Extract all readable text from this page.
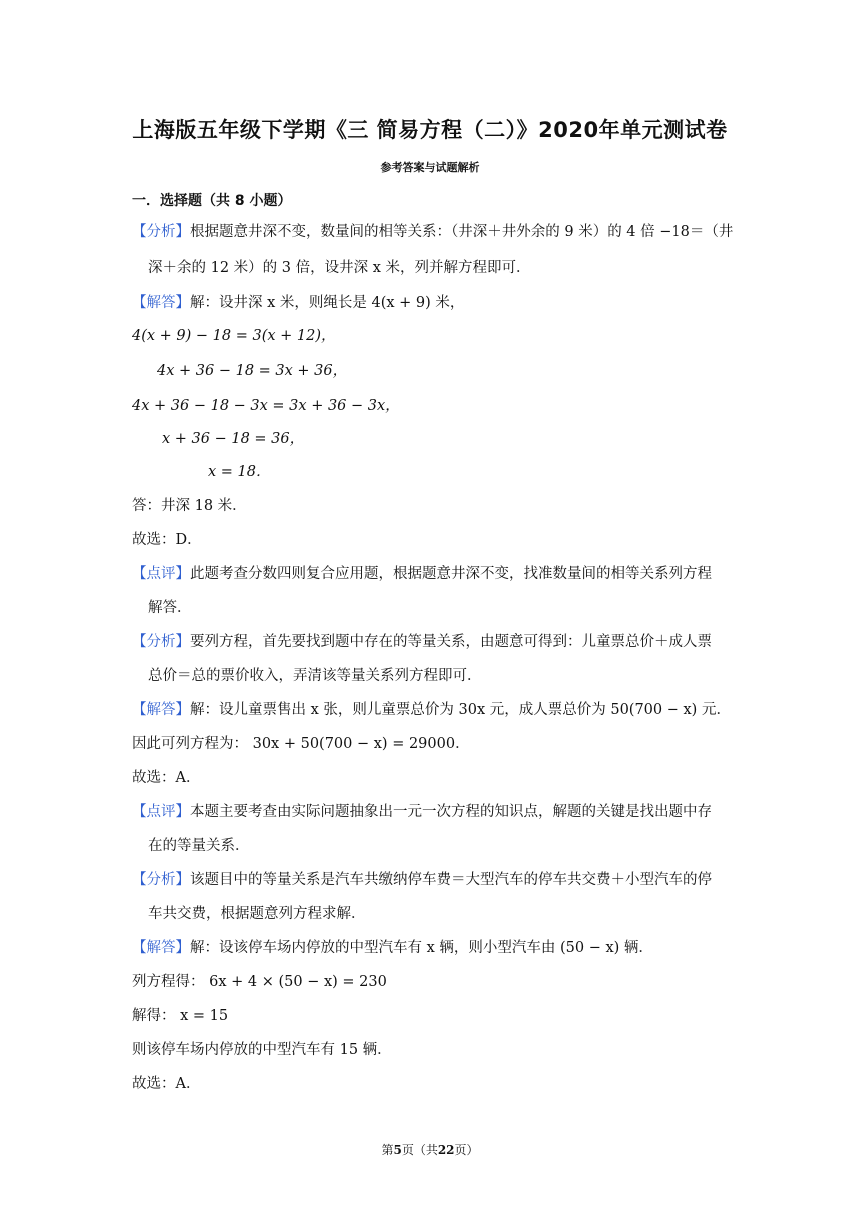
上海版五年级下学期《三 简易方程（二）》2020年单元测试卷
参考答案与试题解析
一．选择题（共 8 小题）
【分析】根据题意井深不变，数量间的相等关系：（井深＋井外余的 9 米）的 4 倍 −18＝（井
深＋余的 12 米）的 3 倍，设井深 x 米，列并解方程即可．
【解答】解：设井深 x 米，则绳长是 4(x + 9) 米，
4(x + 9) − 18 = 3(x + 12)，
4x + 36 − 18 = 3x + 36，
4x + 36 − 18 − 3x = 3x + 36 − 3x，
x + 36 − 18 = 36，
x = 18．
答：井深 18 米．
故选：D．
【点评】此题考查分数四则复合应用题，根据题意井深不变，找准数量间的相等关系列方程
解答．
【分析】要列方程，首先要找到题中存在的等量关系，由题意可得到：儿童票总价＋成人票
总价＝总的票价收入，弄清该等量关系列方程即可．
【解答】解：设儿童票售出 x 张，则儿童票总价为 30x 元，成人票总价为 50(700 − x) 元．
因此可列方程为： 30x + 50(700 − x) = 29000．
故选：A．
【点评】本题主要考查由实际问题抽象出一元一次方程的知识点，解题的关键是找出题中存
在的等量关系．
【分析】该题目中的等量关系是汽车共缴纳停车费＝大型汽车的停车共交费＋小型汽车的停
车共交费，根据题意列方程求解．
【解答】解：设该停车场内停放的中型汽车有 x 辆，则小型汽车由 (50 − x) 辆．
列方程得： 6x + 4 × (50 − x) = 230
解得： x = 15
则该停车场内停放的中型汽车有 15 辆．
故选：A．
第5页（共22页）
